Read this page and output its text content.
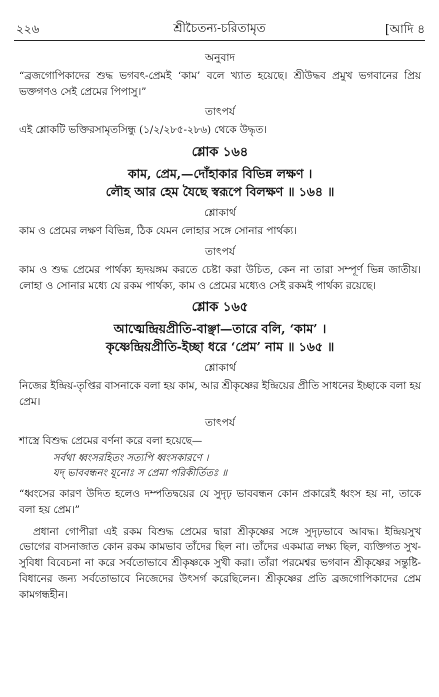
২২৬	শ্রীচৈতন্য-চরিতামৃত	[আদি ৪

অনুবাদ

“ব্রজগোপিকাদের শুদ্ধ ভগবৎ-প্রেমই ‘কাম’ বলে খ্যাত হয়েছে। শ্রীউদ্ধব প্রমুখ ভগবানের প্রিয় ভক্তগণও সেই প্রেমের পিপাসু।”

তাৎপর্য

এই শ্লোকটি ভক্তিরসামৃতসিন্ধু (১/২/২৮৫-২৮৬) থেকে উদ্ধৃত।

শ্লোক ১৬৪

কাম, প্রেম,—দোঁহাকার বিভিন্ন লক্ষণ ।

লৌহ আর হেম যৈছে স্বরূপে বিলক্ষণ ॥ ১৬৪ ॥

শ্লোকার্থ

কাম ও প্রেমের লক্ষণ বিভিন্ন, ঠিক যেমন লোহার সঙ্গে সোনার পার্থক্য।

তাৎপর্য

কাম ও শুদ্ধ প্রেমের পার্থক্য হৃদয়ঙ্গম করতে চেষ্টা করা উচিত, কেন না তারা সম্পূর্ণ ভিন্ন জাতীয়। লোহা ও সোনার মধ্যে যে রকম পার্থক্য, কাম ও প্রেমের মধ্যেও সেই রকমই পার্থক্য রয়েছে।

শ্লোক ১৬৫

আত্মেন্দ্রিয়প্রীতি-বাঞ্ছা—তারে বলি, ‘কাম’ ।

কৃষ্ণেন্দ্রিয়প্রীতি-ইচ্ছা ধরে ‘প্রেম’ নাম ॥ ১৬৫ ॥

শ্লোকার্থ

নিজের ইন্দ্রিয়-তৃপ্তির বাসনাকে বলা হয় কাম, আর শ্রীকৃষ্ণের ইন্দ্রিয়ের প্রীতি সাধনের ইচ্ছাকে বলা হয় প্রেম।

তাৎপর্য

শাস্ত্রে বিশুদ্ধ প্রেমের বর্ণনা করে বলা হয়েছে—

সর্বথা ধ্বংসরহিতং সত্যপি ধ্বংসকারণে ।

যদ্ ভাববন্ধনং যূনোঃ স প্রেমা পরিকীর্তিতঃ ॥

“ধ্বংসের কারণ উদিত হলেও দম্পতিদ্বয়ের যে সুদৃঢ় ভাববন্ধন কোন প্রকারেই ধ্বংস হয় না, তাকে বলা হয় প্রেম।”

প্রধানা গোপীরা এই রকম বিশুদ্ধ প্রেমের দ্বারা শ্রীকৃষ্ণের সঙ্গে সুদৃঢ়ভাবে আবদ্ধ। ইন্দ্রিয়সুখ ভোগের বাসনাজাত কোন রকম কামভাব তাঁদের ছিল না। তাঁদের একমাত্র লক্ষ্য ছিল, ব্যক্তিগত সুখ-সুবিধা বিবেচনা না করে সর্বতোভাবে শ্রীকৃষ্ণকে সুখী করা। তাঁরা পরমেশ্বর ভগবান শ্রীকৃষ্ণের সন্তুষ্টি-বিধানের জন্য সর্বতোভাবে নিজেদের উৎসর্গ করেছিলেন। শ্রীকৃষ্ণের প্রতি ব্রজগোপিকাদের প্রেম কামগন্ধহীন।
